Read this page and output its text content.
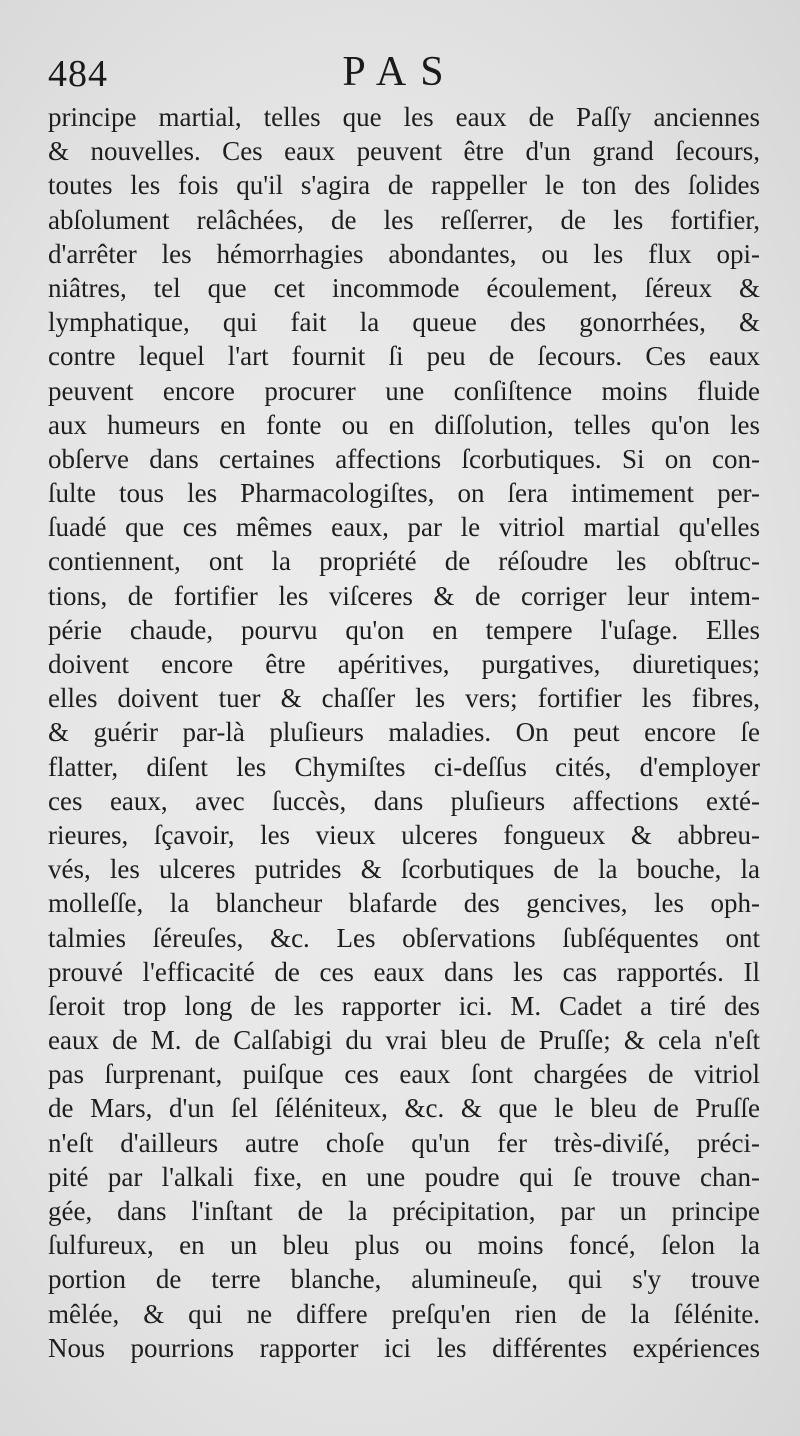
484	PAS
principe martial, telles que les eaux de Paſſy anciennes
& nouvelles. Ces eaux peuvent être d'un grand ſecours,
toutes les fois qu'il s'agira de rappeller le ton des ſolides
abſolument relâchées, de les reſſerrer, de les fortifier,
d'arrêter les hémorrhagies abondantes, ou les flux opi-
niâtres, tel que cet incommode écoulement, ſéreux &
lymphatique, qui fait la queue des gonorrhées, &
contre lequel l'art fournit ſi peu de ſecours. Ces eaux
peuvent encore procurer une conſiſtence moins fluide
aux humeurs en fonte ou en diſſolution, telles qu'on les
obſerve dans certaines affections ſcorbutiques. Si on con-
ſulte tous les Pharmacologiſtes, on ſera intimement per-
ſuadé que ces mêmes eaux, par le vitriol martial qu'elles
contiennent, ont la propriété de réſoudre les obſtruc-
tions, de fortifier les viſceres & de corriger leur intem-
périe chaude, pourvu qu'on en tempere l'uſage. Elles
doivent encore être apéritives, purgatives, diuretiques;
elles doivent tuer & chaſſer les vers; fortifier les fibres,
& guérir par-là pluſieurs maladies. On peut encore ſe
flatter, diſent les Chymiſtes ci-deſſus cités, d'employer
ces eaux, avec ſuccès, dans pluſieurs affections exté-
rieures, ſçavoir, les vieux ulceres fongueux & abbreu-
vés, les ulceres putrides & ſcorbutiques de la bouche, la
molleſſe, la blancheur blafarde des gencives, les oph-
talmies ſéreuſes, &c. Les obſervations ſubſéquentes ont
prouvé l'efficacité de ces eaux dans les cas rapportés. Il
ſeroit trop long de les rapporter ici. M. Cadet a tiré des
eaux de M. de Calſabigi du vrai bleu de Pruſſe; & cela n'eſt
pas ſurprenant, puiſque ces eaux ſont chargées de vitriol
de Mars, d'un ſel ſéléniteux, &c. & que le bleu de Pruſſe
n'eſt d'ailleurs autre choſe qu'un fer très-diviſé, préci-
pité par l'alkali fixe, en une poudre qui ſe trouve chan-
gée, dans l'inſtant de la précipitation, par un principe
ſulfureux, en un bleu plus ou moins foncé, ſelon la
portion de terre blanche, alumineuſe, qui s'y trouve
mêlée, & qui ne differe preſqu'en rien de la ſélénite.
Nous pourrions rapporter ici les différentes expériences
